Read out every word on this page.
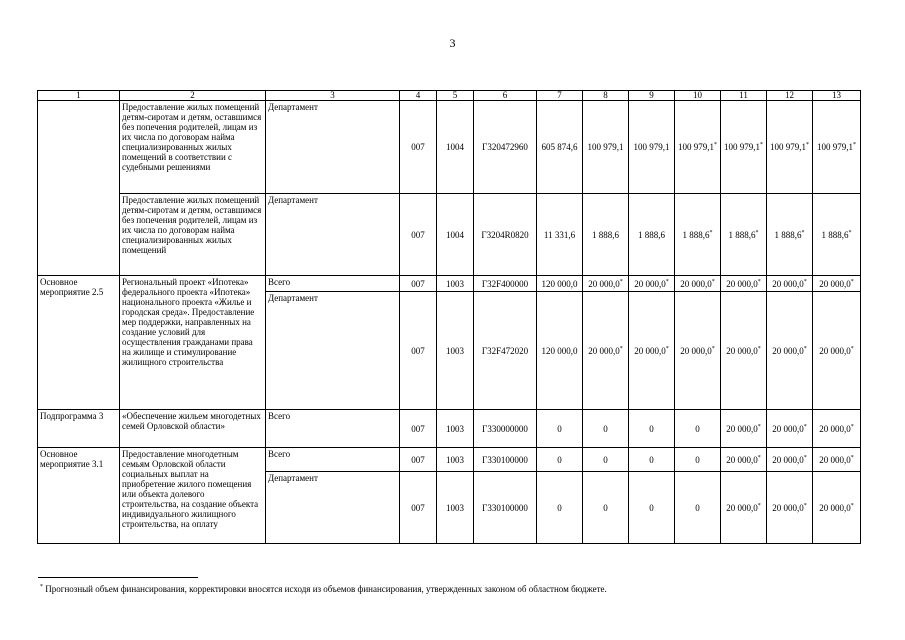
3
1	2	3	4	5	6	7	8	9	10	11	12	13
	Предоставление жилых помещений детям-сиротам и детям, оставшимся без попечения родителей, лицам из их числа по договорам найма специализированных жилых помещений в соответствии с судебными решениями	Департамент	007	1004	Г320472960	605 874,6	100 979,1	100 979,1	100 979,1*	100 979,1*	100 979,1*	100 979,1*
	Предоставление жилых помещений детям-сиротам и детям, оставшимся без попечения родителей, лицам из их числа по договорам найма специализированных жилых помещений	Департамент	007	1004	Г3204R0820	11 331,6	1 888,6	1 888,6	1 888,6*	1 888,6*	1 888,6*	1 888,6*
Основное мероприятие 2.5	Региональный проект «Ипотека» федерального проекта «Ипотека» национального проекта «Жилье и городская среда». Предоставление мер поддержки, направленных на создание условий для осуществления гражданами права на жилище и стимулирование жилищного строительства	Всего	007	1003	Г32F400000	120 000,0	20 000,0*	20 000,0*	20 000,0*	20 000,0*	20 000,0*	20 000,0*
		Департамент	007	1003	Г32F472020	120 000,0	20 000,0*	20 000,0*	20 000,0*	20 000,0*	20 000,0*	20 000,0*
Подпрограмма 3	«Обеспечение жильем многодетных семей Орловской области»	Всего	007	1003	Г330000000	0	0	0	0	20 000,0*	20 000,0*	20 000,0*
Основное мероприятие 3.1	Предоставление многодетным семьям Орловской области социальных выплат на приобретение жилого помещения или объекта долевого строительства, на создание объекта индивидуального жилищного строительства, на оплату	Всего	007	1003	Г330100000	0	0	0	0	20 000,0*	20 000,0*	20 000,0*
		Департамент	007	1003	Г330100000	0	0	0	0	20 000,0*	20 000,0*	20 000,0*
* Прогнозный объем финансирования, корректировки вносятся исходя из объемов финансирования, утвержденных законом об областном бюджете.
